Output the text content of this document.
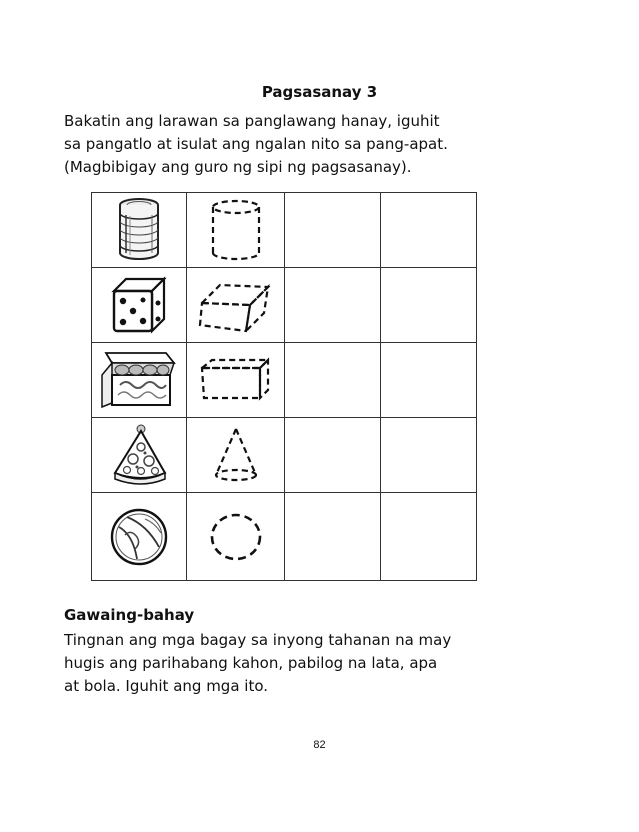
Pagsasanay 3
Bakatin ang larawan sa panglawang hanay, iguhit
sa pangatlo at isulat ang ngalan nito sa pang-apat.
(Magbibigay ang guro ng sipi ng pagsasanay).

Gawaing-bahay
Tingnan ang mga bagay sa inyong tahanan na may
hugis ang parihabang kahon, pabilog na lata, apa
at bola. Iguhit ang mga ito.
82
